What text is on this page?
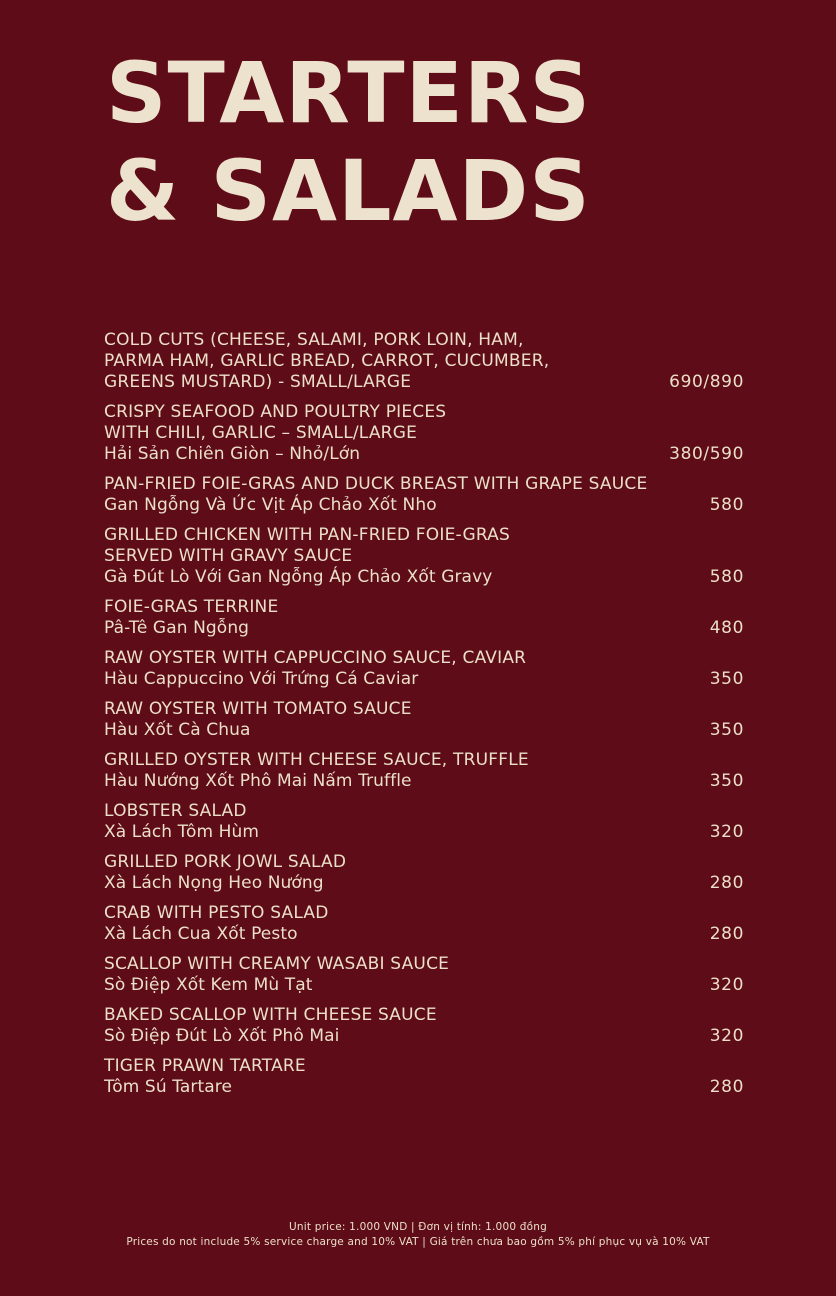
STARTERS
& SALADS
COLD CUTS (CHEESE, SALAMI, PORK LOIN, HAM,
PARMA HAM, GARLIC BREAD, CARROT, CUCUMBER,
GREENS MUSTARD) - SMALL/LARGE	690/890
CRISPY SEAFOOD AND POULTRY PIECES
WITH CHILI, GARLIC – SMALL/LARGE
Hải Sản Chiên Giòn – Nhỏ/Lớn	380/590
PAN-FRIED FOIE-GRAS AND DUCK BREAST WITH GRAPE SAUCE
Gan Ngỗng Và Ức Vịt Áp Chảo Xốt Nho	580
GRILLED CHICKEN WITH PAN-FRIED FOIE-GRAS
SERVED WITH GRAVY SAUCE
Gà Đút Lò Với Gan Ngỗng Áp Chảo Xốt Gravy	580
FOIE-GRAS TERRINE
Pâ-Tê Gan Ngỗng	480
RAW OYSTER WITH CAPPUCCINO SAUCE, CAVIAR
Hàu Cappuccino Với Trứng Cá Caviar	350
RAW OYSTER WITH TOMATO SAUCE
Hàu Xốt Cà Chua	350
GRILLED OYSTER WITH CHEESE SAUCE, TRUFFLE
Hàu Nướng Xốt Phô Mai Nấm Truffle	350
LOBSTER SALAD
Xà Lách Tôm Hùm	320
GRILLED PORK JOWL SALAD
Xà Lách Nọng Heo Nướng	280
CRAB WITH PESTO SALAD
Xà Lách Cua Xốt Pesto	280
SCALLOP WITH CREAMY WASABI SAUCE
Sò Điệp Xốt Kem Mù Tạt	320
BAKED SCALLOP WITH CHEESE SAUCE
Sò Điệp Đút Lò Xốt Phô Mai	320
TIGER PRAWN TARTARE
Tôm Sú Tartare	280
Unit price: 1.000 VND | Đơn vị tính: 1.000 đồng
Prices do not include 5% service charge and 10% VAT | Giá trên chưa bao gồm 5% phí phục vụ và 10% VAT
